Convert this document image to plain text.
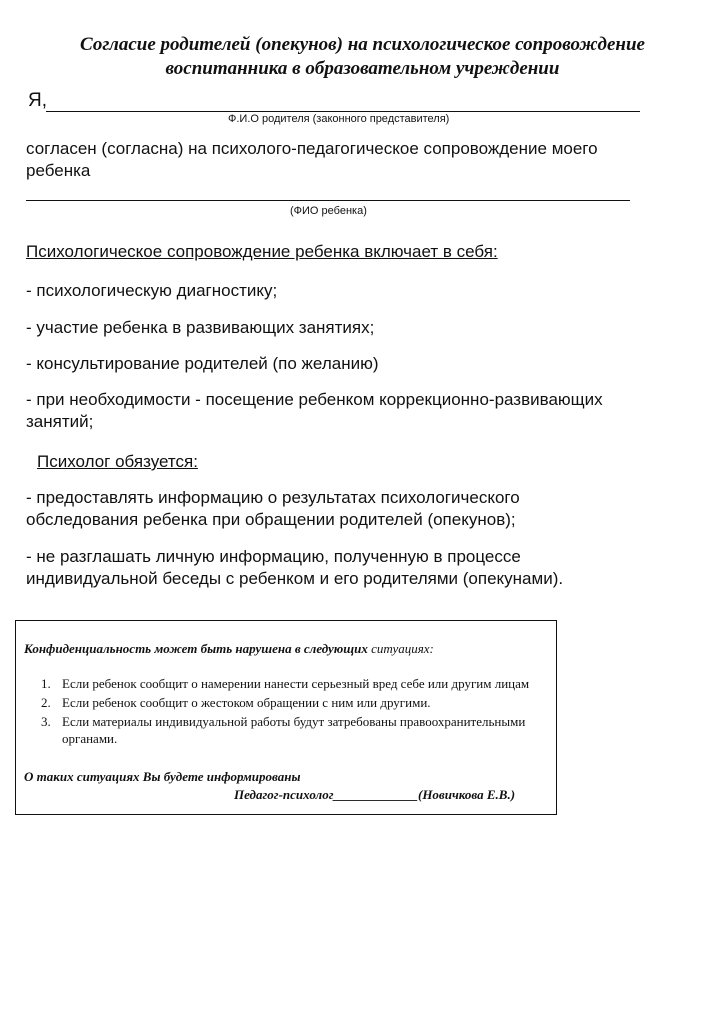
Согласие родителей (опекунов) на психологическое сопровождение
воспитанника в образовательном учреждении
Я,
Ф.И.О родителя (законного представителя)
согласен (согласна) на психолого-педагогическое сопровождение моего ребенка
(ФИО ребенка)
Психологическое сопровождение ребенка включает в себя:
- психологическую диагностику;
- участие ребенка в развивающих занятиях;
- консультирование родителей (по желанию)
- при необходимости - посещение ребенком коррекционно-развивающих занятий;
Психолог обязуется:
- предоставлять информацию о результатах психологического обследования ребенка при обращении родителей (опекунов);
- не разглашать личную информацию, полученную в процессе индивидуальной беседы с ребенком и его родителями (опекунами).
Конфиденциальность может быть нарушена в следующих ситуациях:
1. Если ребенок сообщит о намерении нанести серьезный вред себе или другим лицам
2. Если ребенок сообщит о жестоком обращении с ним или другими.
3. Если материалы индивидуальной работы будут затребованы правоохранительными органами.
О таких ситуациях Вы будете информированы
Педагог-психолог_____________(Новичкова Е.В.)
